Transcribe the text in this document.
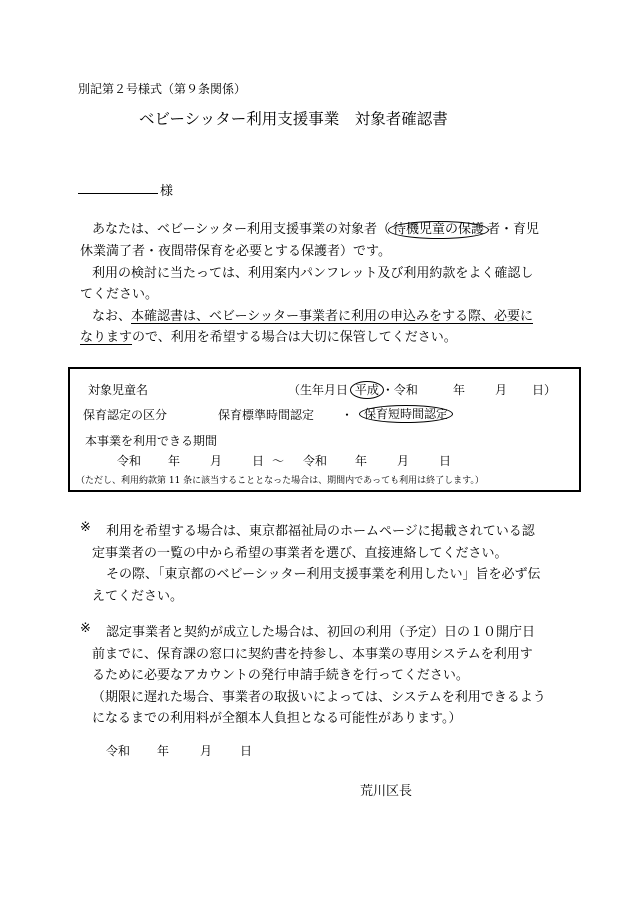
別記第２号様式（第９条関係）
ベビーシッター利用支援事業　対象者確認書
様
あなたは、ベビーシッター利用支援事業の対象者（ 待機児童の保護 者・育児
休業満了者・夜間帯保育を必要とする保護者）です。
利用の検討に当たっては、利用案内パンフレット及び利用約款をよく確認し
てください。
なお、本確認書は、ベビーシッター事業者に利用の申込みをする際、必要に
なりますので、利用を希望する場合は大切に保管してください。
対象児童名	（生年月日 平成 ・令和	年 月 日）
保育認定の区分	保育標準時間認定 ・ 保育短時間認定
本事業を利用できる期間
令和 年 月 日 ～ 令和 年 月 日
（ただし、利用約款第 11 条に該当することとなった場合は、期間内であっても利用は終了します。）
※ 利用を希望する場合は、東京都福祉局のホームページに掲載されている認
定事業者の一覧の中から希望の事業者を選び、直接連絡してください。
その際、「東京都のベビーシッター利用支援事業を利用したい」旨を必ず伝
えてください。
※ 認定事業者と契約が成立した場合は、初回の利用（予定）日の１０開庁日
前までに、保育課の窓口に契約書を持参し、本事業の専用システムを利用す
るために必要なアカウントの発行申請手続きを行ってください。
（期限に遅れた場合、事業者の取扱いによっては、システムを利用できるよう
になるまでの利用料が全額本人負担となる可能性があります。）
令和 年	月 日
荒川区長
